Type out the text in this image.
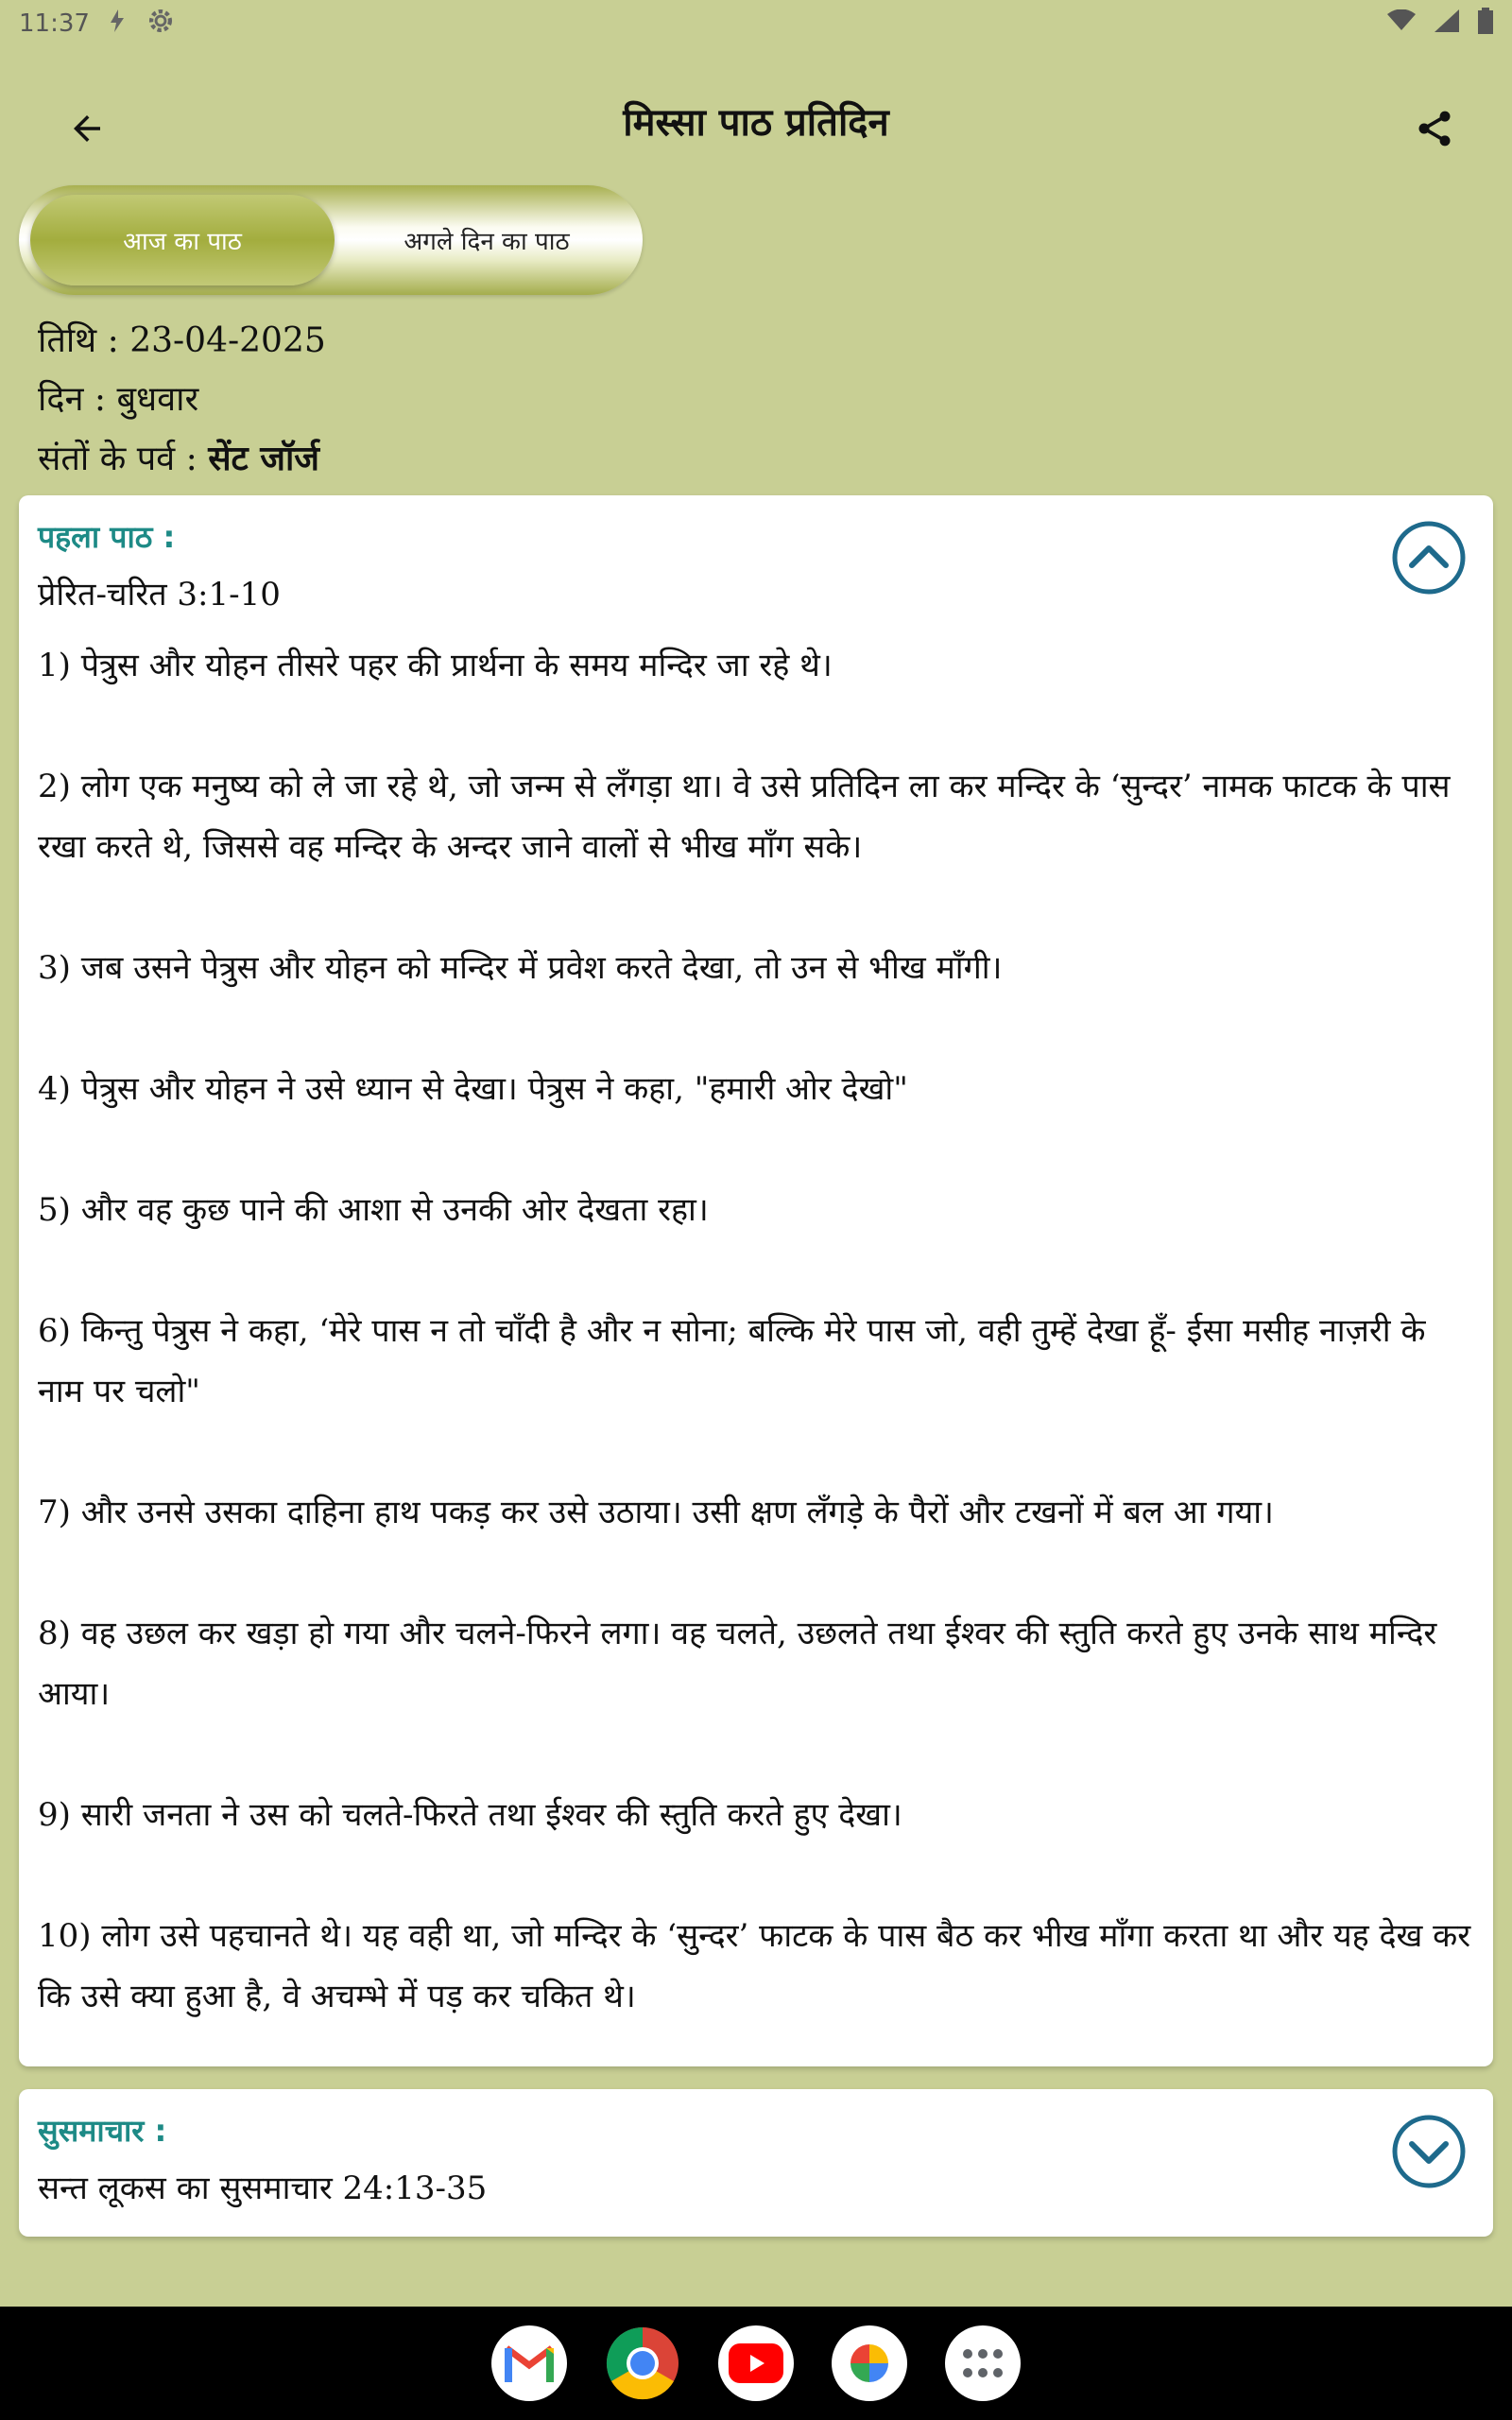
11:37
मिस्सा पाठ प्रतिदिन
आज का पाठ	अगले दिन का पाठ
तिथि : 23-04-2025
दिन : बुधवार
संतों के पर्व : सेंट जॉर्ज
पहला पाठ :
प्रेरित-चरित 3:1-10

1) पेत्रुस और योहन तीसरे पहर की प्रार्थना के समय मन्दिर जा रहे थे।

2) लोग एक मनुष्य को ले जा रहे थे, जो जन्म से लँगड़ा था। वे उसे प्रतिदिन ला कर मन्दिर के ‘सुन्दर’ नामक फाटक के पास रखा करते थे, जिससे वह मन्दिर के अन्दर जाने वालों से भीख माँग सके।

3) जब उसने पेत्रुस और योहन को मन्दिर में प्रवेश करते देखा, तो उन से भीख माँगी।

4) पेत्रुस और योहन ने उसे ध्यान से देखा। पेत्रुस ने कहा, "हमारी ओर देखो"

5) और वह कुछ पाने की आशा से उनकी ओर देखता रहा।

6) किन्तु पेत्रुस ने कहा, ‘मेरे पास न तो चाँदी है और न सोना; बल्कि मेरे पास जो, वही तुम्हें देखा हूँ- ईसा मसीह नाज़री के नाम पर चलो"

7) और उनसे उसका दाहिना हाथ पकड़ कर उसे उठाया। उसी क्षण लँगड़े के पैरों और टखनों में बल आ गया।

8) वह उछल कर खड़ा हो गया और चलने-फिरने लगा। वह चलते, उछलते तथा ईश्वर की स्तुति करते हुए उनके साथ मन्दिर आया।

9) सारी जनता ने उस को चलते-फिरते तथा ईश्वर की स्तुति करते हुए देखा।

10) लोग उसे पहचानते थे। यह वही था, जो मन्दिर के ‘सुन्दर’ फाटक के पास बैठ कर भीख माँगा करता था और यह देख कर कि उसे क्या हुआ है, वे अचम्भे में पड़ कर चकित थे।

सुसमाचार :
सन्त लूकस का सुसमाचार 24:13-35
